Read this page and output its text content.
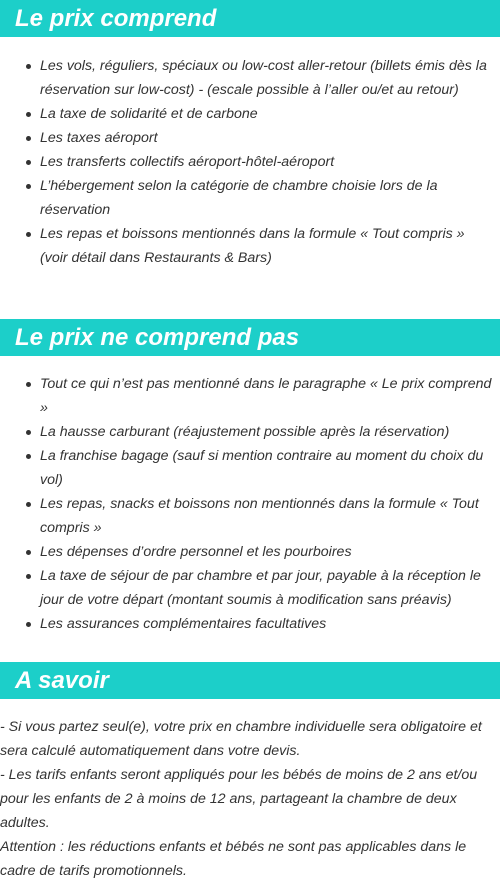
Le prix comprend
Les vols, réguliers, spéciaux ou low-cost aller-retour (billets émis dès la réservation sur low-cost) - (escale possible à l’aller ou/et au retour)
La taxe de solidarité et de carbone
Les taxes aéroport
Les transferts collectifs aéroport-hôtel-aéroport
L’hébergement selon la catégorie de chambre choisie lors de la réservation
Les repas et boissons mentionnés dans la formule « Tout compris » (voir détail dans Restaurants & Bars)
Le prix ne comprend pas
Tout ce qui n’est pas mentionné dans le paragraphe « Le prix comprend »
La hausse carburant (réajustement possible après la réservation)
La franchise bagage (sauf si mention contraire au moment du choix du vol)
Les repas, snacks et boissons non mentionnés dans la formule « Tout compris »
Les dépenses d’ordre personnel et les pourboires
La taxe de séjour de par chambre et par jour, payable à la réception le jour de votre départ (montant soumis à modification sans préavis)
Les assurances complémentaires facultatives
A savoir

- Si vous partez seul(e), votre prix en chambre individuelle sera obligatoire et sera calculé automatiquement dans votre devis.

- Les tarifs enfants seront appliqués pour les bébés de moins de 2 ans et/ou pour les enfants de 2 à moins de 12 ans, partageant la chambre de deux adultes.

Attention : les réductions enfants et bébés ne sont pas applicables dans le cadre de tarifs promotionnels.
